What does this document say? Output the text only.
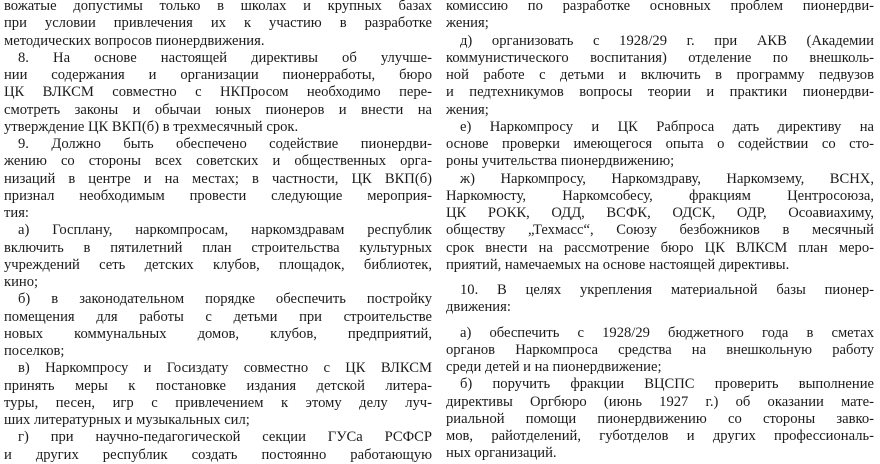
вожатые допустимы только в школах и крупных базах
при условии привлечения их к участию в разработке
методических вопросов пионердвижения.
8. На основе настоящей директивы об улучше-
нии содержания и организации пионерработы, бюро
ЦК ВЛКСМ совместно с НКПросом необходимо пере-
смотреть законы и обычаи юных пионеров и внести на
утверждение ЦК ВКП(б) в трехмесячный срок.
9. Должно быть обеспечено содействие пионердви-
жению со стороны всех советских и общественных орга-
низаций в центре и на местах; в частности, ЦК ВКП(б)
признал необходимым провести следующие мероприя-
тия:
а) Госплану, наркомпросам, наркомздравам республик
включить в пятилетний план строительства культурных
учреждений сеть детских клубов, площадок, библиотек,
кино;
б) в законодательном порядке обеспечить постройку
помещения для работы с детьми при строительстве
новых коммунальных домов, клубов, предприятий,
поселков;
в) Наркомпросу и Госиздату совместно с ЦК ВЛКСМ
принять меры к постановке издания детской литера-
туры, песен, игр с привлечением к этому делу луч-
ших литературных и музыкальных сил;
г) при научно-педагогической секции ГУСа РСФСР
и других республик создать постоянно работающую
комиссию по разработке основных проблем пионердви-
жения;
д) организовать с 1928/29 г. при АКВ (Академии
коммунистического воспитания) отделение по внешколь-
ной работе с детьми и включить в программу педвузов
и педтехникумов вопросы теории и практики пионердви-
жения;
е) Наркомпросу и ЦК Рабпроса дать директиву на
основе проверки имеющегося опыта о содействии со сто-
роны учительства пионердвижению;
ж) Наркомпросу, Наркомздраву, Наркомзему, ВСНХ,
Наркомюсту, Наркомсобесу, фракциям Центросоюза,
ЦК РОКК, ОДД, ВСФК, ОДСК, ОДР, Осоавиахиму,
обществу „Техмасс“, Союзу безбожников в месячный
срок внести на рассмотрение бюро ЦК ВЛКСМ план меро-
приятий, намечаемых на основе настоящей директивы.
10. В целях укрепления материальной базы пионер-
движения:
а) обеспечить с 1928/29 бюджетного года в сметах
органов Наркомпроса средства на внешкольную работу
среди детей и на пионердвижение;
б) поручить фракции ВЦСПС проверить выполнение
директивы Оргбюро (июнь 1927 г.) об оказании мате-
риальной помощи пионердвижению со стороны завко-
мов, райотделений, губотделов и других профессиональ-
ных организаций.
